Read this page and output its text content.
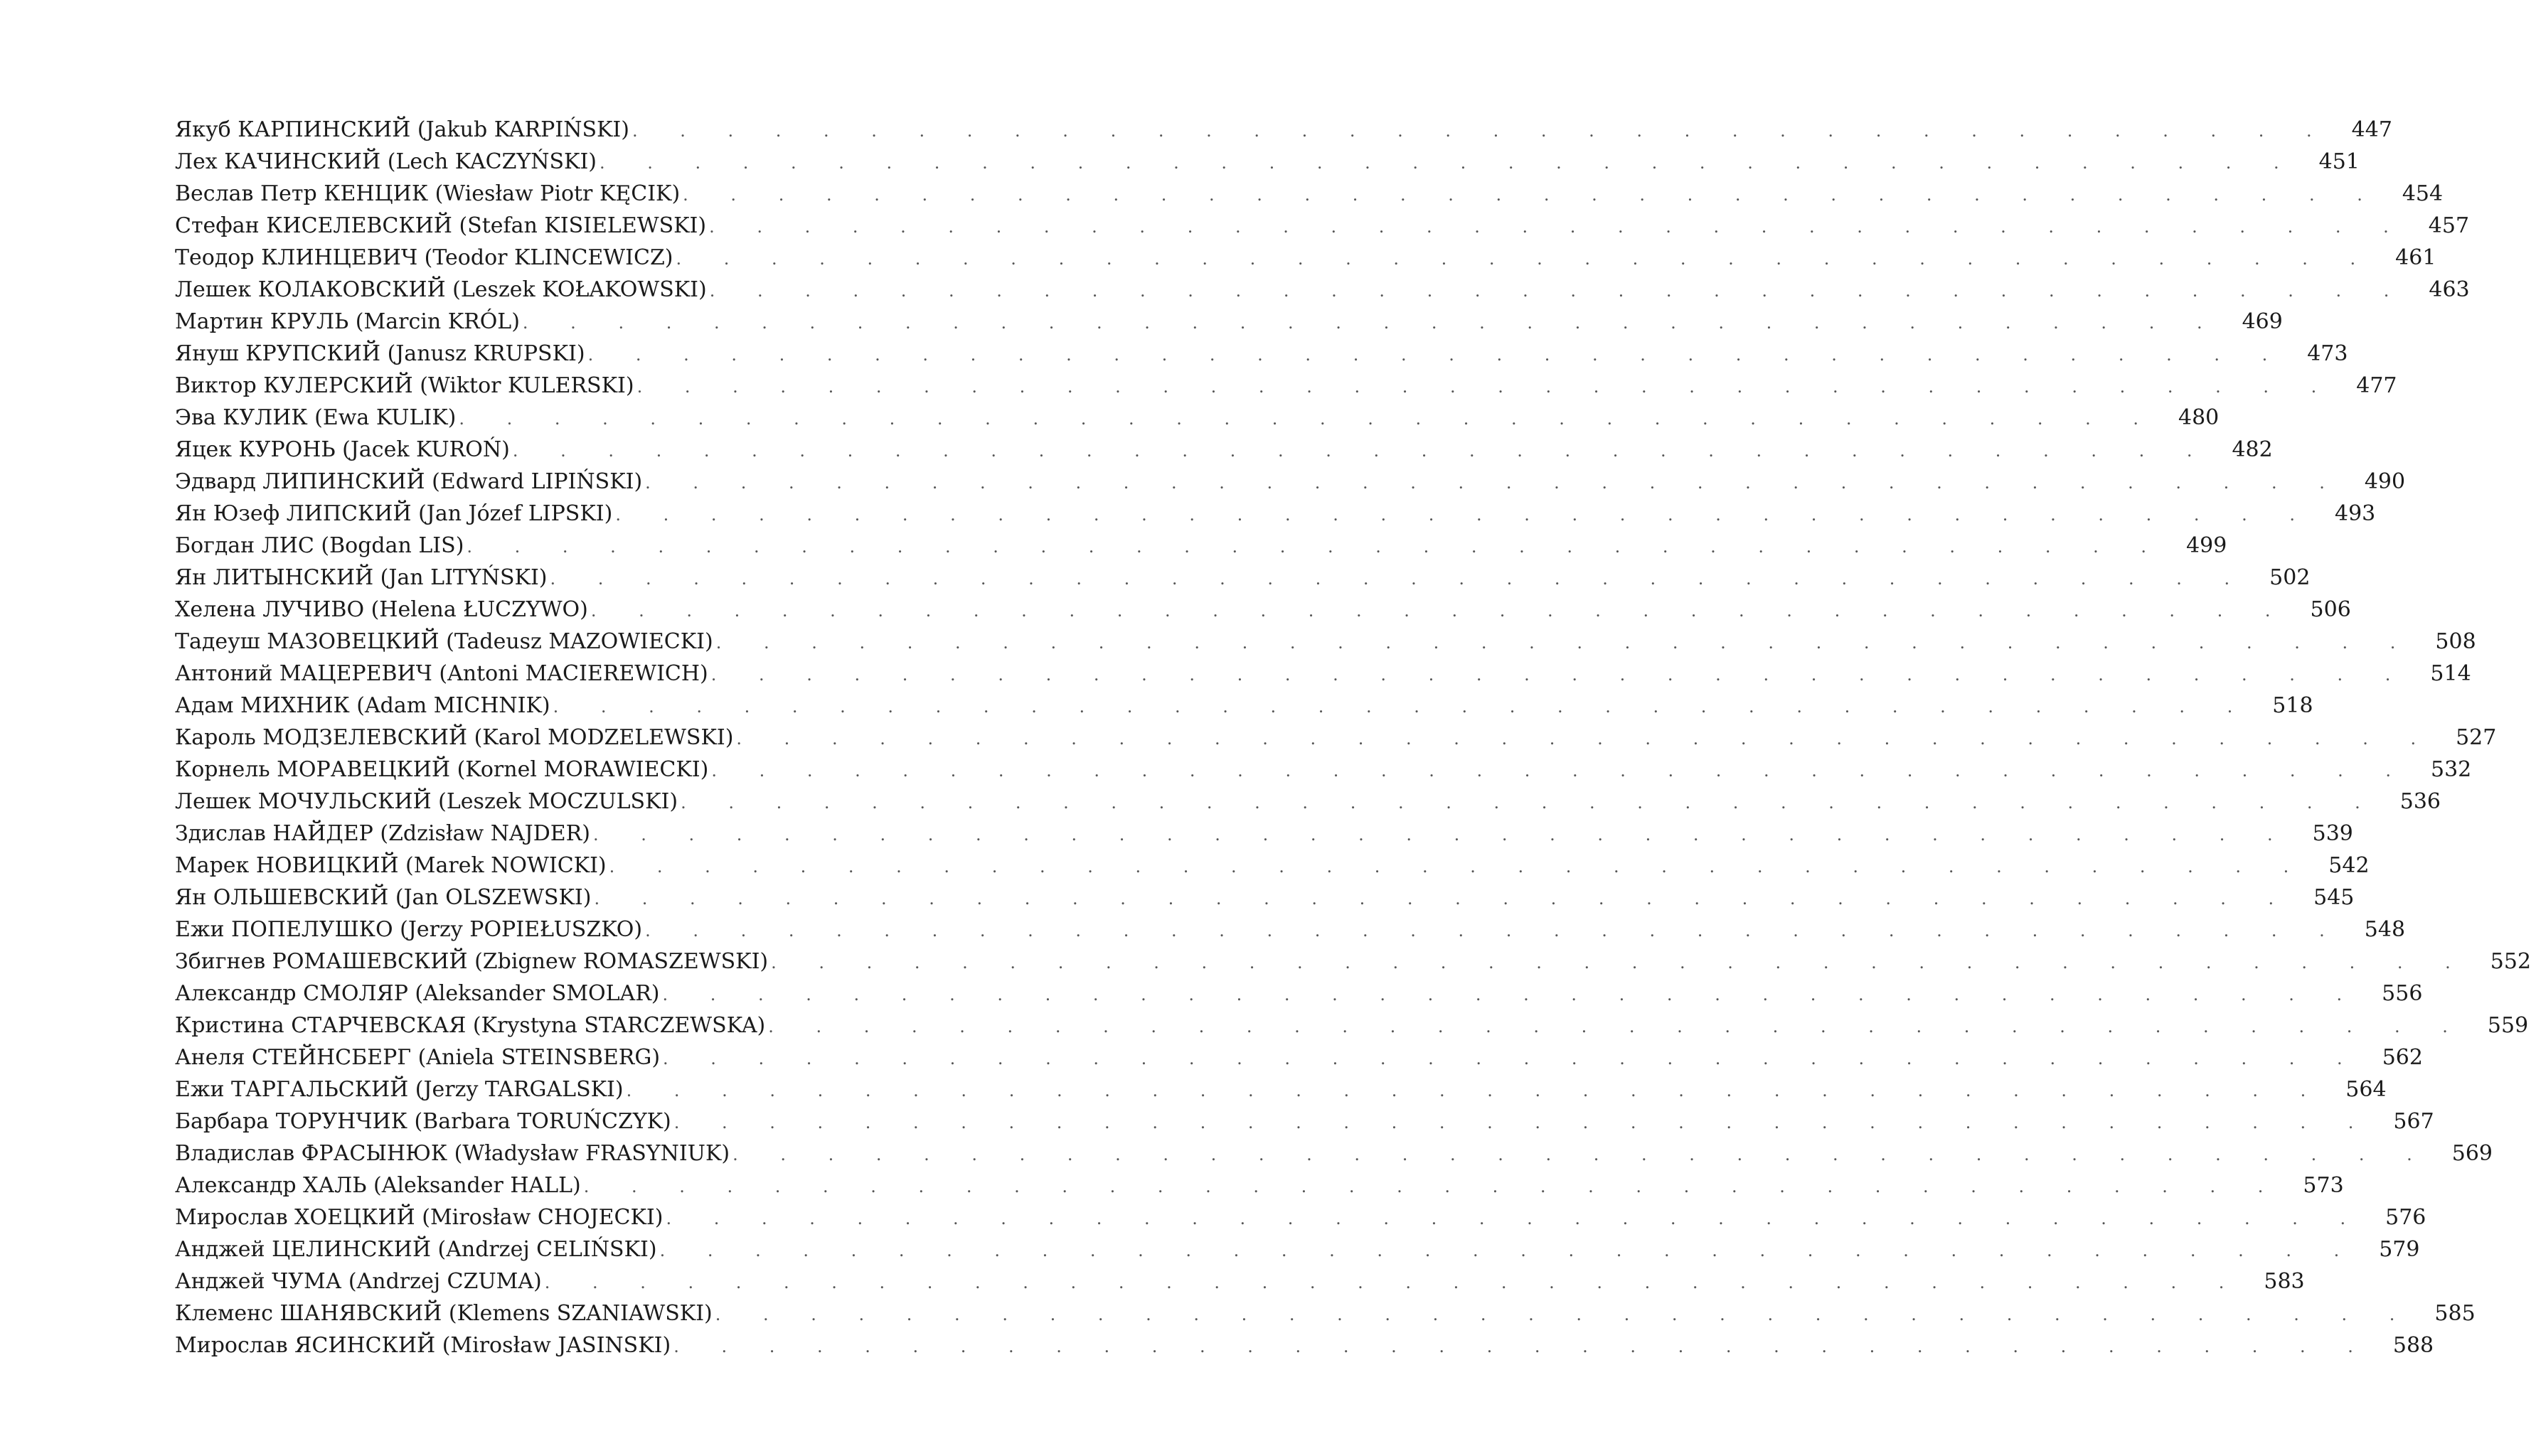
Якуб КАРПИНСКИЙ (Jakub KARPIŃSKI) . . . . . . . . . . . . . . . . . . . . . . . . . . . . . . . . . . . .	447
Лех КАЧИНСКИЙ (Lech KACZYŃSKI) . . . . . . . . . . . . . . . . . . . . . . . . . . . . . . . . . . . .	451
Веслав Петр КЕНЦИК (Wiesław Piotr KĘCIK) . . . . . . . . . . . . . . . . . . . . . . . . . . . . . . . . . . . .	454
Стефан КИСЕЛЕВСКИЙ (Stefan KISIELEWSKI) . . . . . . . . . . . . . . . . . . . . . . . . . . . . . . . . . . . .	457
Теодор КЛИНЦЕВИЧ (Teodor KLINCEWICZ) . . . . . . . . . . . . . . . . . . . . . . . . . . . . . . . . . . . .	461
Лешек КОЛАКОВСКИЙ (Leszek KOŁAKOWSKI) . . . . . . . . . . . . . . . . . . . . . . . . . . . . . . . . . . . .	463
Мартин КРУЛЬ (Marcin KRÓL) . . . . . . . . . . . . . . . . . . . . . . . . . . . . . . . . . . . .	469
Януш КРУПСКИЙ (Janusz KRUPSKI) . . . . . . . . . . . . . . . . . . . . . . . . . . . . . . . . . . . .	473
Виктор КУЛЕРСКИЙ (Wiktor KULERSKI) . . . . . . . . . . . . . . . . . . . . . . . . . . . . . . . . . . . .	477
Эва КУЛИК (Ewa KULIK) . . . . . . . . . . . . . . . . . . . . . . . . . . . . . . . . . . . .	480
Яцек КУРОНЬ (Jacek KUROŃ) . . . . . . . . . . . . . . . . . . . . . . . . . . . . . . . . . . . .	482
Эдвард ЛИПИНСКИЙ (Edward LIPIŃSKI) . . . . . . . . . . . . . . . . . . . . . . . . . . . . . . . . . . . .	490
Ян Юзеф ЛИПСКИЙ (Jan Józef LIPSKI) . . . . . . . . . . . . . . . . . . . . . . . . . . . . . . . . . . . .	493
Богдан ЛИС (Bogdan LIS) . . . . . . . . . . . . . . . . . . . . . . . . . . . . . . . . . . . .	499
Ян ЛИТЫНСКИЙ (Jan LITYŃSKI) . . . . . . . . . . . . . . . . . . . . . . . . . . . . . . . . . . . .	502
Хелена ЛУЧИВО (Helena ŁUCZYWO) . . . . . . . . . . . . . . . . . . . . . . . . . . . . . . . . . . . .	506
Тадеуш МАЗОВЕЦКИЙ (Tadeusz MAZOWIECKI) . . . . . . . . . . . . . . . . . . . . . . . . . . . . . . . . . . . .	508
Антоний МАЦЕРЕВИЧ (Antoni MACIEREWICH) . . . . . . . . . . . . . . . . . . . . . . . . . . . . . . . . . . . .	514
Адам МИХНИК (Adam MICHNIK) . . . . . . . . . . . . . . . . . . . . . . . . . . . . . . . . . . . .	518
Кароль МОДЗЕЛЕВСКИЙ (Karol MODZELEWSKI) . . . . . . . . . . . . . . . . . . . . . . . . . . . . . . . . . . . .	527
Корнель МОРАВЕЦКИЙ (Kornel MORAWIECKI) . . . . . . . . . . . . . . . . . . . . . . . . . . . . . . . . . . . .	532
Лешек МОЧУЛЬСКИЙ (Leszek MOCZULSKI) . . . . . . . . . . . . . . . . . . . . . . . . . . . . . . . . . . . .	536
Здислав НАЙДЕР (Zdzisław NAJDER) . . . . . . . . . . . . . . . . . . . . . . . . . . . . . . . . . . . .	539
Марек НОВИЦКИЙ (Marek NOWICKI) . . . . . . . . . . . . . . . . . . . . . . . . . . . . . . . . . . . .	542
Ян ОЛЬШЕВСКИЙ (Jan OLSZEWSKI) . . . . . . . . . . . . . . . . . . . . . . . . . . . . . . . . . . . .	545
Ежи ПОПЕЛУШКО (Jerzy POPIEŁUSZKO) . . . . . . . . . . . . . . . . . . . . . . . . . . . . . . . . . . . .	548
Збигнев РОМАШЕВСКИЙ (Zbignew ROMASZEWSKI) . . . . . . . . . . . . . . . . . . . . . . . . . . . . . . . . . . . .	552
Александр СМОЛЯР (Aleksander SMOLAR) . . . . . . . . . . . . . . . . . . . . . . . . . . . . . . . . . . . .	556
Кристина СТАРЧЕВСКАЯ (Krystyna STARCZEWSKA) . . . . . . . . . . . . . . . . . . . . . . . . . . . . . . . . . . . .	559
Анеля СТЕЙНСБЕРГ (Aniela STEINSBERG) . . . . . . . . . . . . . . . . . . . . . . . . . . . . . . . . . . . .	562
Ежи ТАРГАЛЬСКИЙ (Jerzy TARGALSKI) . . . . . . . . . . . . . . . . . . . . . . . . . . . . . . . . . . . .	564
Барбара ТОРУНЧИК (Barbara TORUŃCZYK) . . . . . . . . . . . . . . . . . . . . . . . . . . . . . . . . . . . .	567
Владислав ФРАСЫНЮК (Władysław FRASYNIUK) . . . . . . . . . . . . . . . . . . . . . . . . . . . . . . . . . . . .	569
Александр ХАЛЬ (Aleksander HALL) . . . . . . . . . . . . . . . . . . . . . . . . . . . . . . . . . . . .	573
Мирослав ХОЕЦКИЙ (Mirosław CHOJECKI) . . . . . . . . . . . . . . . . . . . . . . . . . . . . . . . . . . . .	576
Анджей ЦЕЛИНСКИЙ (Andrzej CELIŃSKI) . . . . . . . . . . . . . . . . . . . . . . . . . . . . . . . . . . . .	579
Анджей ЧУМА (Andrzej CZUMA) . . . . . . . . . . . . . . . . . . . . . . . . . . . . . . . . . . . .	583
Клеменс ШАНЯВСКИЙ (Klemens SZANIAWSKI) . . . . . . . . . . . . . . . . . . . . . . . . . . . . . . . . . . . .	585
Мирослав ЯСИНСКИЙ (Mirosław JASINSKI) . . . . . . . . . . . . . . . . . . . . . . . . . . . . . . . . . . . .	588
